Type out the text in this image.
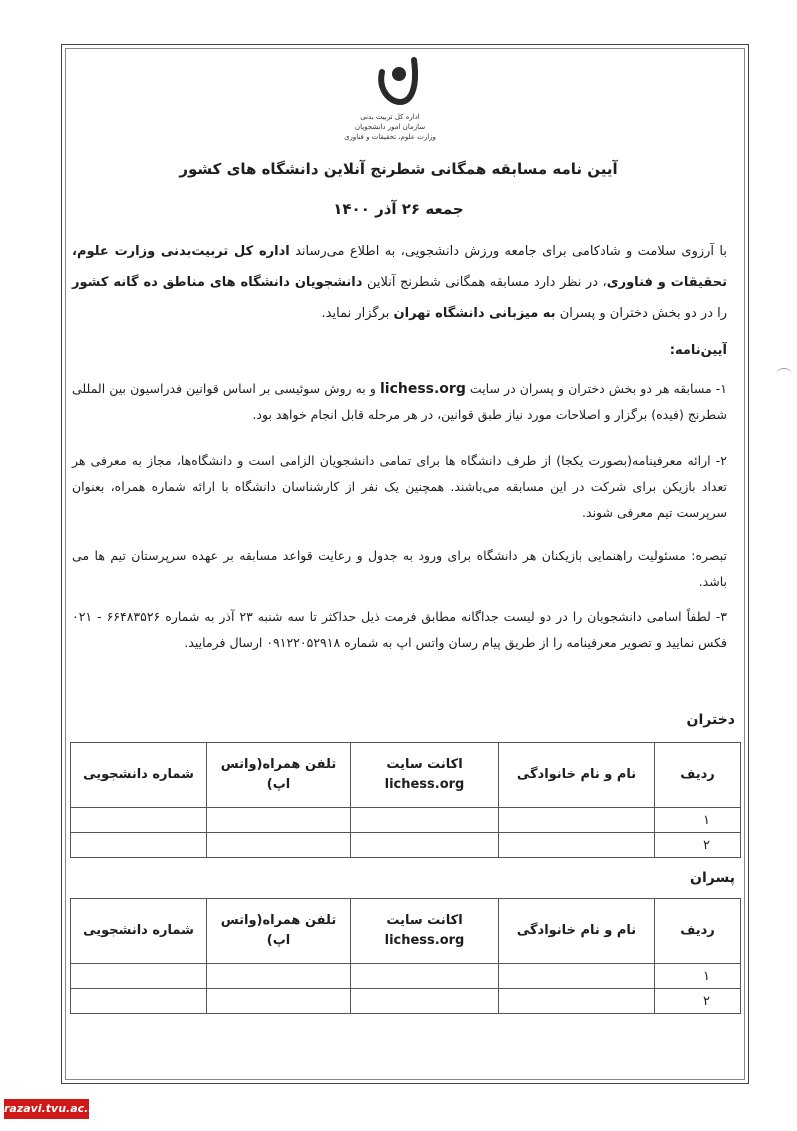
اداره کل تربیت بدنی
سازمان امور دانشجویان
وزارت علوم، تحقیقات و فناوری
آیین نامه مسابقه همگانی شطرنج آنلاین دانشگاه های کشور
جمعه ۲۶ آذر ۱۴۰۰
با آرزوی سلامت و شادکامی برای جامعه ورزش دانشجویی، به اطلاع می‌رساند اداره کل تربیت‌بدنی وزارت علوم، تحقیقات و فناوری، در نظر دارد مسابقه همگانی شطرنج آنلاین دانشجویان دانشگاه های مناطق ده گانه کشور را در دو بخش دختران و پسران به میزبانی دانشگاه تهران برگزار نماید.
آیین‌نامه:
۱- مسابقه هر دو بخش دختران و پسران در سایت lichess.org و به روش سوئیسی بر اساس قوانین فدراسیون بین المللی شطرنج (فیده) برگزار و اصلاحات مورد نیاز طبق قوانین، در هر مرحله قابل انجام خواهد بود.
۲- ارائه معرفینامه(بصورت یکجا) از طرف دانشگاه ها برای تمامی دانشجویان الزامی است و دانشگاه‌ها، مجاز به معرفی هر تعداد بازیکن برای شرکت در این مسابقه می‌باشند. همچنین یک نفر از کارشناسان دانشگاه با ارائه شماره همراه، بعنوان سرپرست تیم معرفی شوند.
تبصره: مسئولیت راهنمایی بازیکنان هر دانشگاه برای ورود به جدول و رعایت قواعد مسابقه بر عهده سرپرستان تیم ها می باشد.
۳- لطفاً اسامی دانشجویان را در دو لیست جداگانه مطابق فرمت ذیل حداکثر تا سه شنبه ۲۳ آذر به شماره ۶۶۴۸۳۵۲۶ - ۰۲۱ فکس نمایید و تصویر معرفینامه را از طریق پیام رسان واتس اپ به شماره ۰۹۱۲۲۰۵۲۹۱۸ ارسال فرمایید.
دختران
ردیف	نام و نام خانوادگی	اکانت سایت lichess.org	تلفن همراه(واتس اپ)	شماره دانشجویی
۱				
۲				
پسران
ردیف	نام و نام خانوادگی	اکانت سایت lichess.org	تلفن همراه(واتس اپ)	شماره دانشجویی
۱				
۲				
razavi.tvu.ac.ir
